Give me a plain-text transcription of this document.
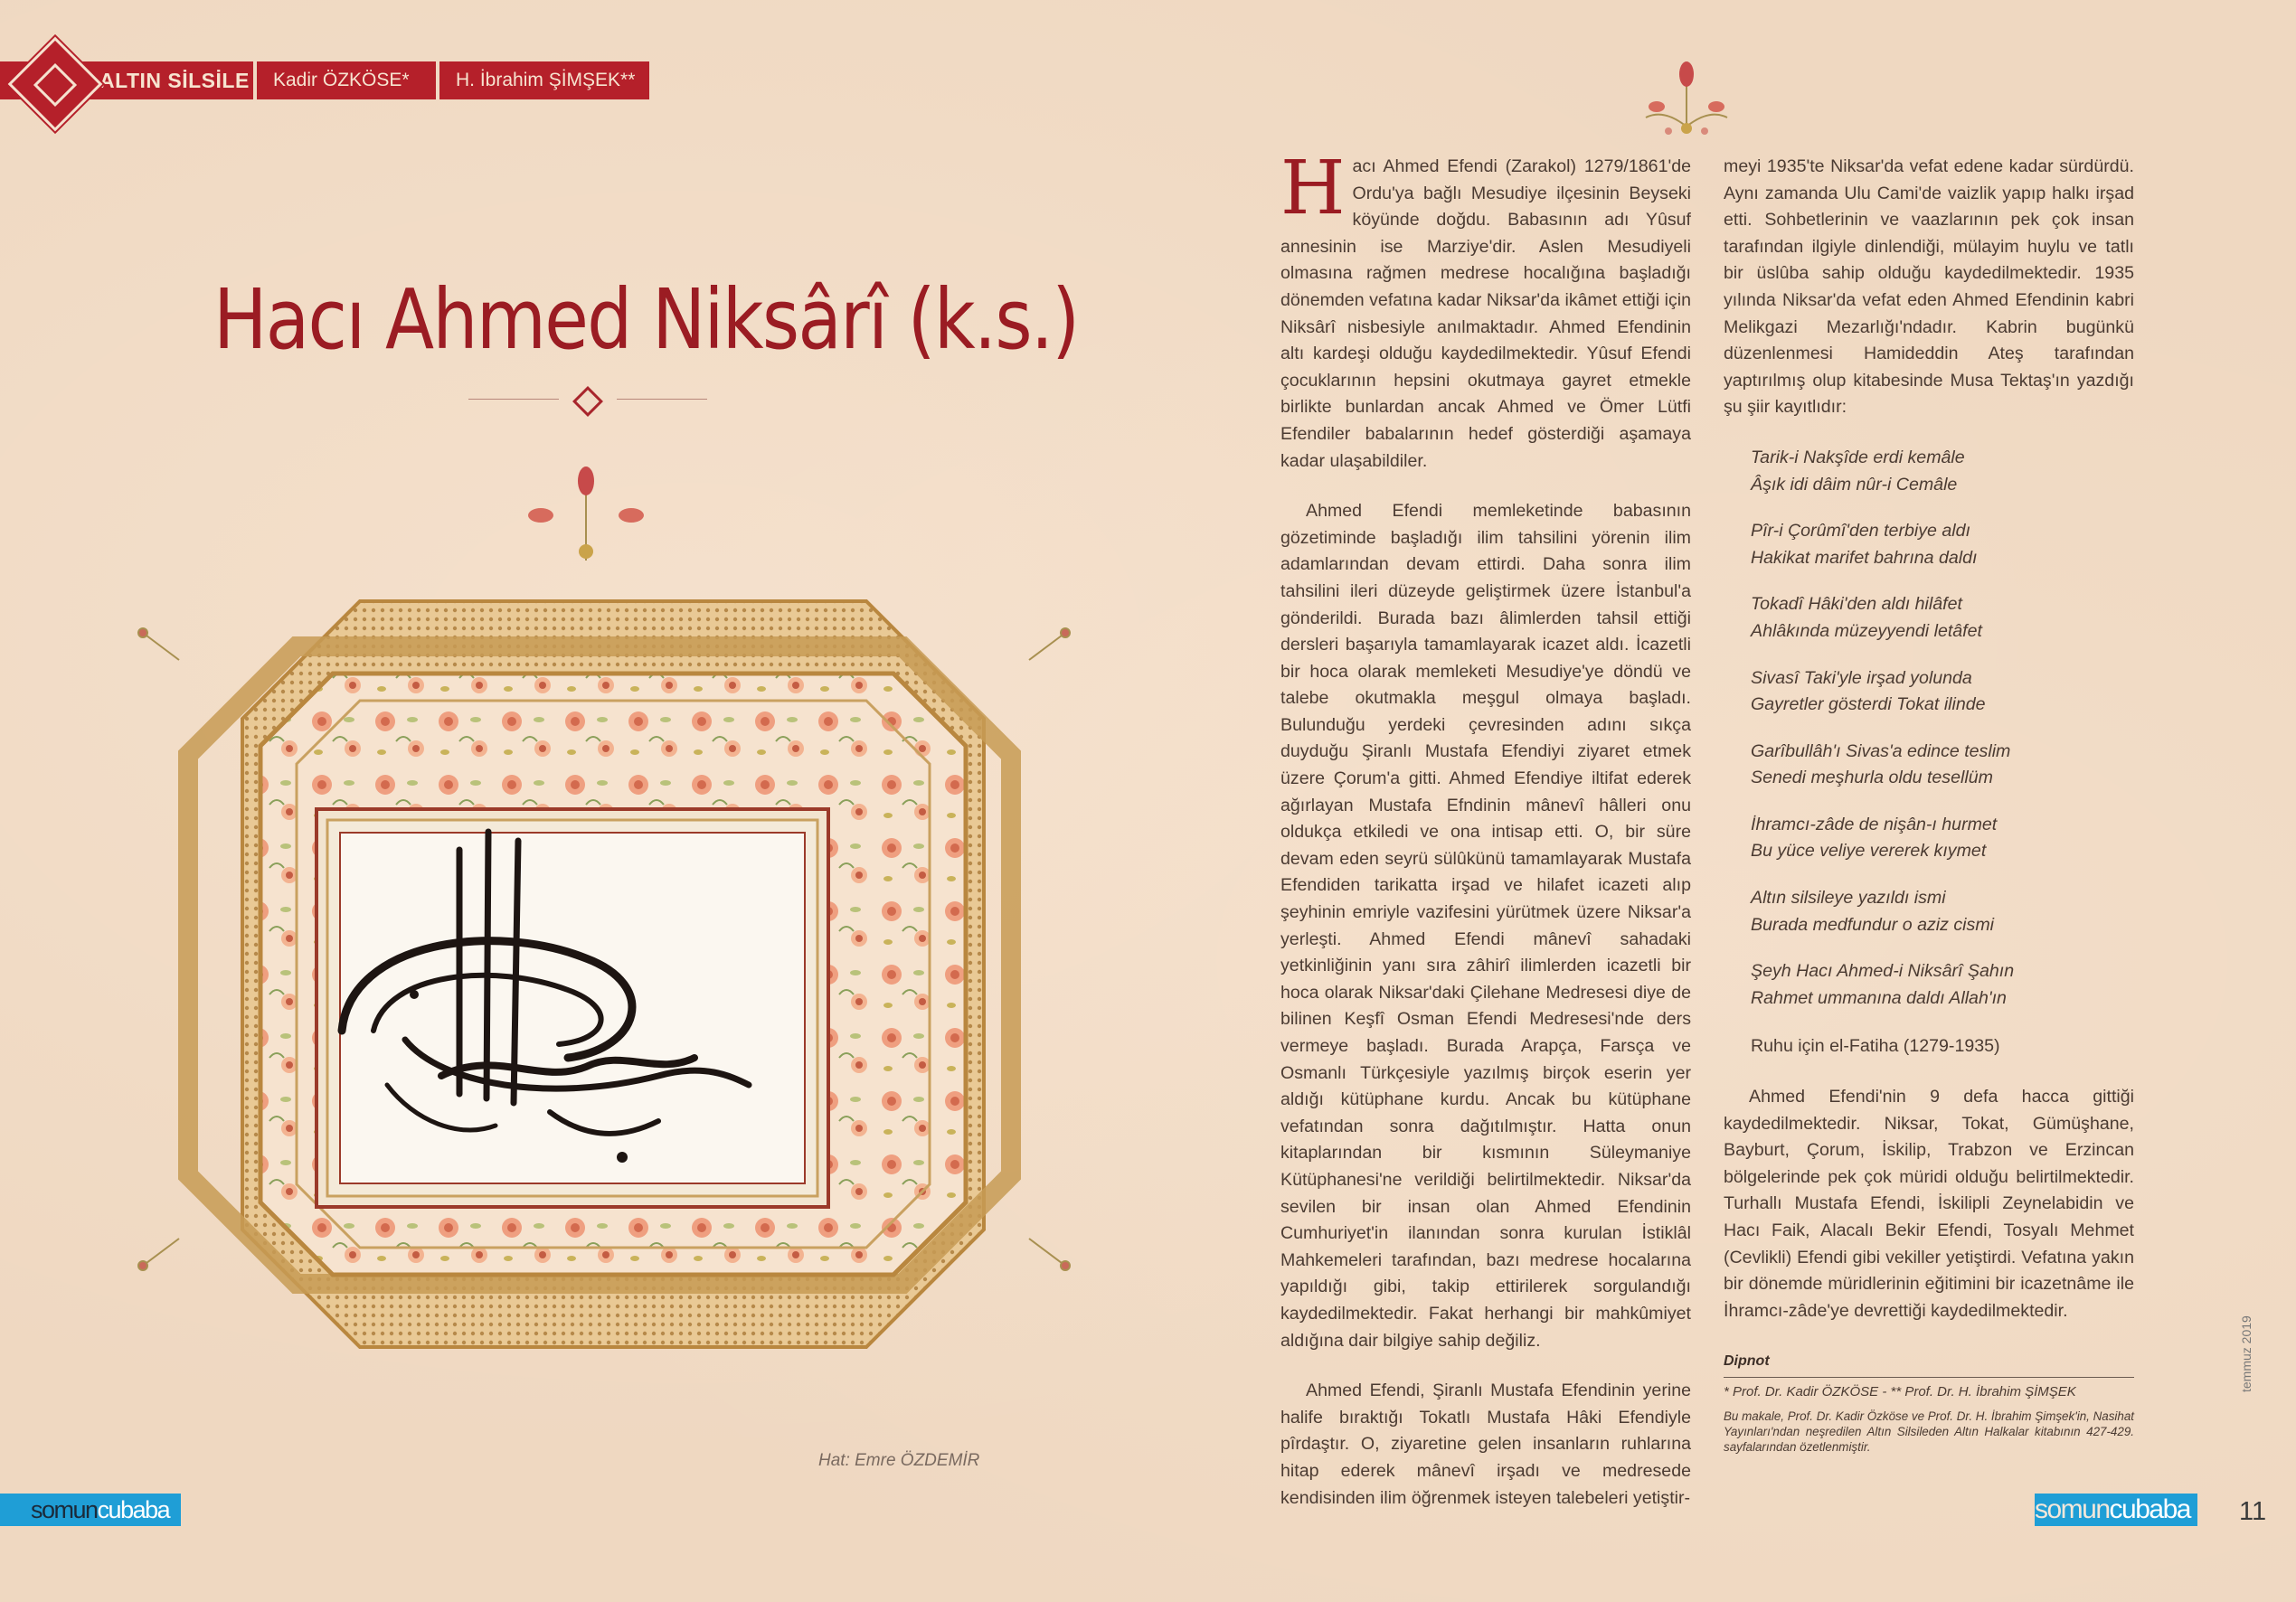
ALTIN SİLSİLE	Kadir ÖZKÖSE*	H. İbrahim ŞİMŞEK**
Hacı Ahmed Niksârî (k.s.)
Hat: Emre ÖZDEMİR

Hacı Ahmed Efendi (Zarakol) 1279/1861'de Ordu'ya bağlı Mesudiye ilçesinin Beyseki köyünde doğdu. Babasının adı Yûsuf annesinin ise Marziye'dir. Aslen Mesudiyeli olmasına rağmen medrese hocalığına başladığı dönemden vefatına kadar Niksar'da ikâmet ettiği için Niksârî nisbesiyle anılmaktadır. Ahmed Efendinin altı kardeşi olduğu kaydedilmektedir. Yûsuf Efendi çocuklarının hepsini okutmaya gayret etmekle birlikte bunlardan ancak Ahmed ve Ömer Lütfi Efendiler babalarının hedef gösterdiği aşamaya kadar ulaşabildiler.

Ahmed Efendi memleketinde babasının gözetiminde başladığı ilim tahsilini yörenin ilim adamlarından devam ettirdi. Daha sonra ilim tahsilini ileri düzeyde geliştirmek üzere İstanbul'a gönderildi. Burada bazı âlimlerden tahsil ettiği dersleri başarıyla tamamlayarak icazet aldı. İcazetli bir hoca olarak memleketi Mesudiye'ye döndü ve talebe okutmakla meşgul olmaya başladı. Bulunduğu yerdeki çevresinden adını sıkça duyduğu Şiranlı Mustafa Efendiyi ziyaret etmek üzere Çorum'a gitti. Ahmed Efendiye iltifat ederek ağırlayan Mustafa Efndinin mânevî hâlleri onu oldukça etkiledi ve ona intisap etti. O, bir süre devam eden seyrü sülûkünü tamamlayarak Mustafa Efendiden tarikatta irşad ve hilafet icazeti alıp şeyhinin emriyle vazifesini yürütmek üzere Niksar'a yerleşti. Ahmed Efendi mânevî sahadaki yetkinliğinin yanı sıra zâhirî ilimlerden icazetli bir hoca olarak Niksar'daki Çilehane Medresesi diye de bilinen Keşfî Osman Efendi Medresesi'nde ders vermeye başladı. Burada Arapça, Farsça ve Osmanlı Türkçesiyle yazılmış birçok eserin yer aldığı kütüphane kurdu. Ancak bu kütüphane vefatından sonra dağıtılmıştır. Hatta onun kitaplarından bir kısmının Süleymaniye Kütüphanesi'ne verildiği belirtilmektedir. Niksar'da sevilen bir insan olan Ahmed Efendinin Cumhuriyet'in ilanından sonra kurulan İstiklâl Mahkemeleri tarafından, bazı medrese hocalarına yapıldığı gibi, takip ettirilerek sorgulandığı kaydedilmektedir. Fakat herhangi bir mahkûmiyet aldığına dair bilgiye sahip değiliz.

Ahmed Efendi, Şiranlı Mustafa Efendinin yerine halife bıraktığı Tokatlı Mustafa Hâki Efendiyle pîrdaştır. O, ziyaretine gelen insanların ruhlarına hitap ederek mânevî irşadı ve medresede kendisinden ilim öğrenmek isteyen talebeleri yetiştir-

meyi 1935'te Niksar'da vefat edene kadar sürdürdü. Aynı zamanda Ulu Cami'de vaizlik yapıp halkı irşad etti. Sohbetlerinin ve vaazlarının pek çok insan tarafından ilgiyle dinlendiği, mülayim huylu ve tatlı bir üslûba sahip olduğu kaydedilmektedir. 1935 yılında Niksar'da vefat eden Ahmed Efendinin kabri Melikgazi Mezarlığı'ndadır. Kabrin bugünkü düzenlenmesi Hamideddin Ateş tarafından yaptırılmış olup kitabesinde Musa Tektaş'ın yazdığı şu şiir kayıtlıdır:

Tarik-i Nakşîde erdi kemâle
Âşık idi dâim nûr-i Cemâle
Pîr-i Çorûmî'den terbiye aldı
Hakikat marifet bahrına daldı
Tokadî Hâki'den aldı hilâfet
Ahlâkında müzeyyendi letâfet
Sivasî Taki'yle irşad yolunda
Gayretler gösterdi Tokat ilinde
Garîbullâh'ı Sivas'a edince teslim
Senedi meşhurla oldu tesellüm
İhramcı-zâde de nişân-ı hurmet
Bu yüce veliye vererek kıymet
Altın silsileye yazıldı ismi
Burada medfundur o aziz cismi
Şeyh Hacı Ahmed-i Niksârî Şahın
Rahmet ummanına daldı Allah'ın
Ruhu için el-Fatiha (1279-1935)

Ahmed Efendi'nin 9 defa hacca gittiği kaydedilmektedir. Niksar, Tokat, Gümüşhane, Bayburt, Çorum, İskilip, Trabzon ve Erzincan bölgelerinde pek çok müridi olduğu belirtilmektedir. Turhallı Mustafa Efendi, İskilipli Zeynelabidin ve Hacı Faik, Alacalı Bekir Efendi, Tosyalı Mehmet (Cevlikli) Efendi gibi vekiller yetiştirdi. Vefatına yakın bir dönemde müridlerinin eğitimini bir icazetnâme ile İhramcı-zâde'ye devrettiği kaydedilmektedir.

Dipnot
* Prof. Dr. Kadir ÖZKÖSE - ** Prof. Dr. H. İbrahim ŞİMŞEK
Bu makale, Prof. Dr. Kadir Özköse ve Prof. Dr. H. İbrahim Şimşek'in, Nasihat Yayınları'ndan neşredilen Altın Silsileden Altın Halkalar kitabının 427-429. sayfalarından özetlenmiştir.
somuncubaba	somuncubaba 11
temmuz 2019
